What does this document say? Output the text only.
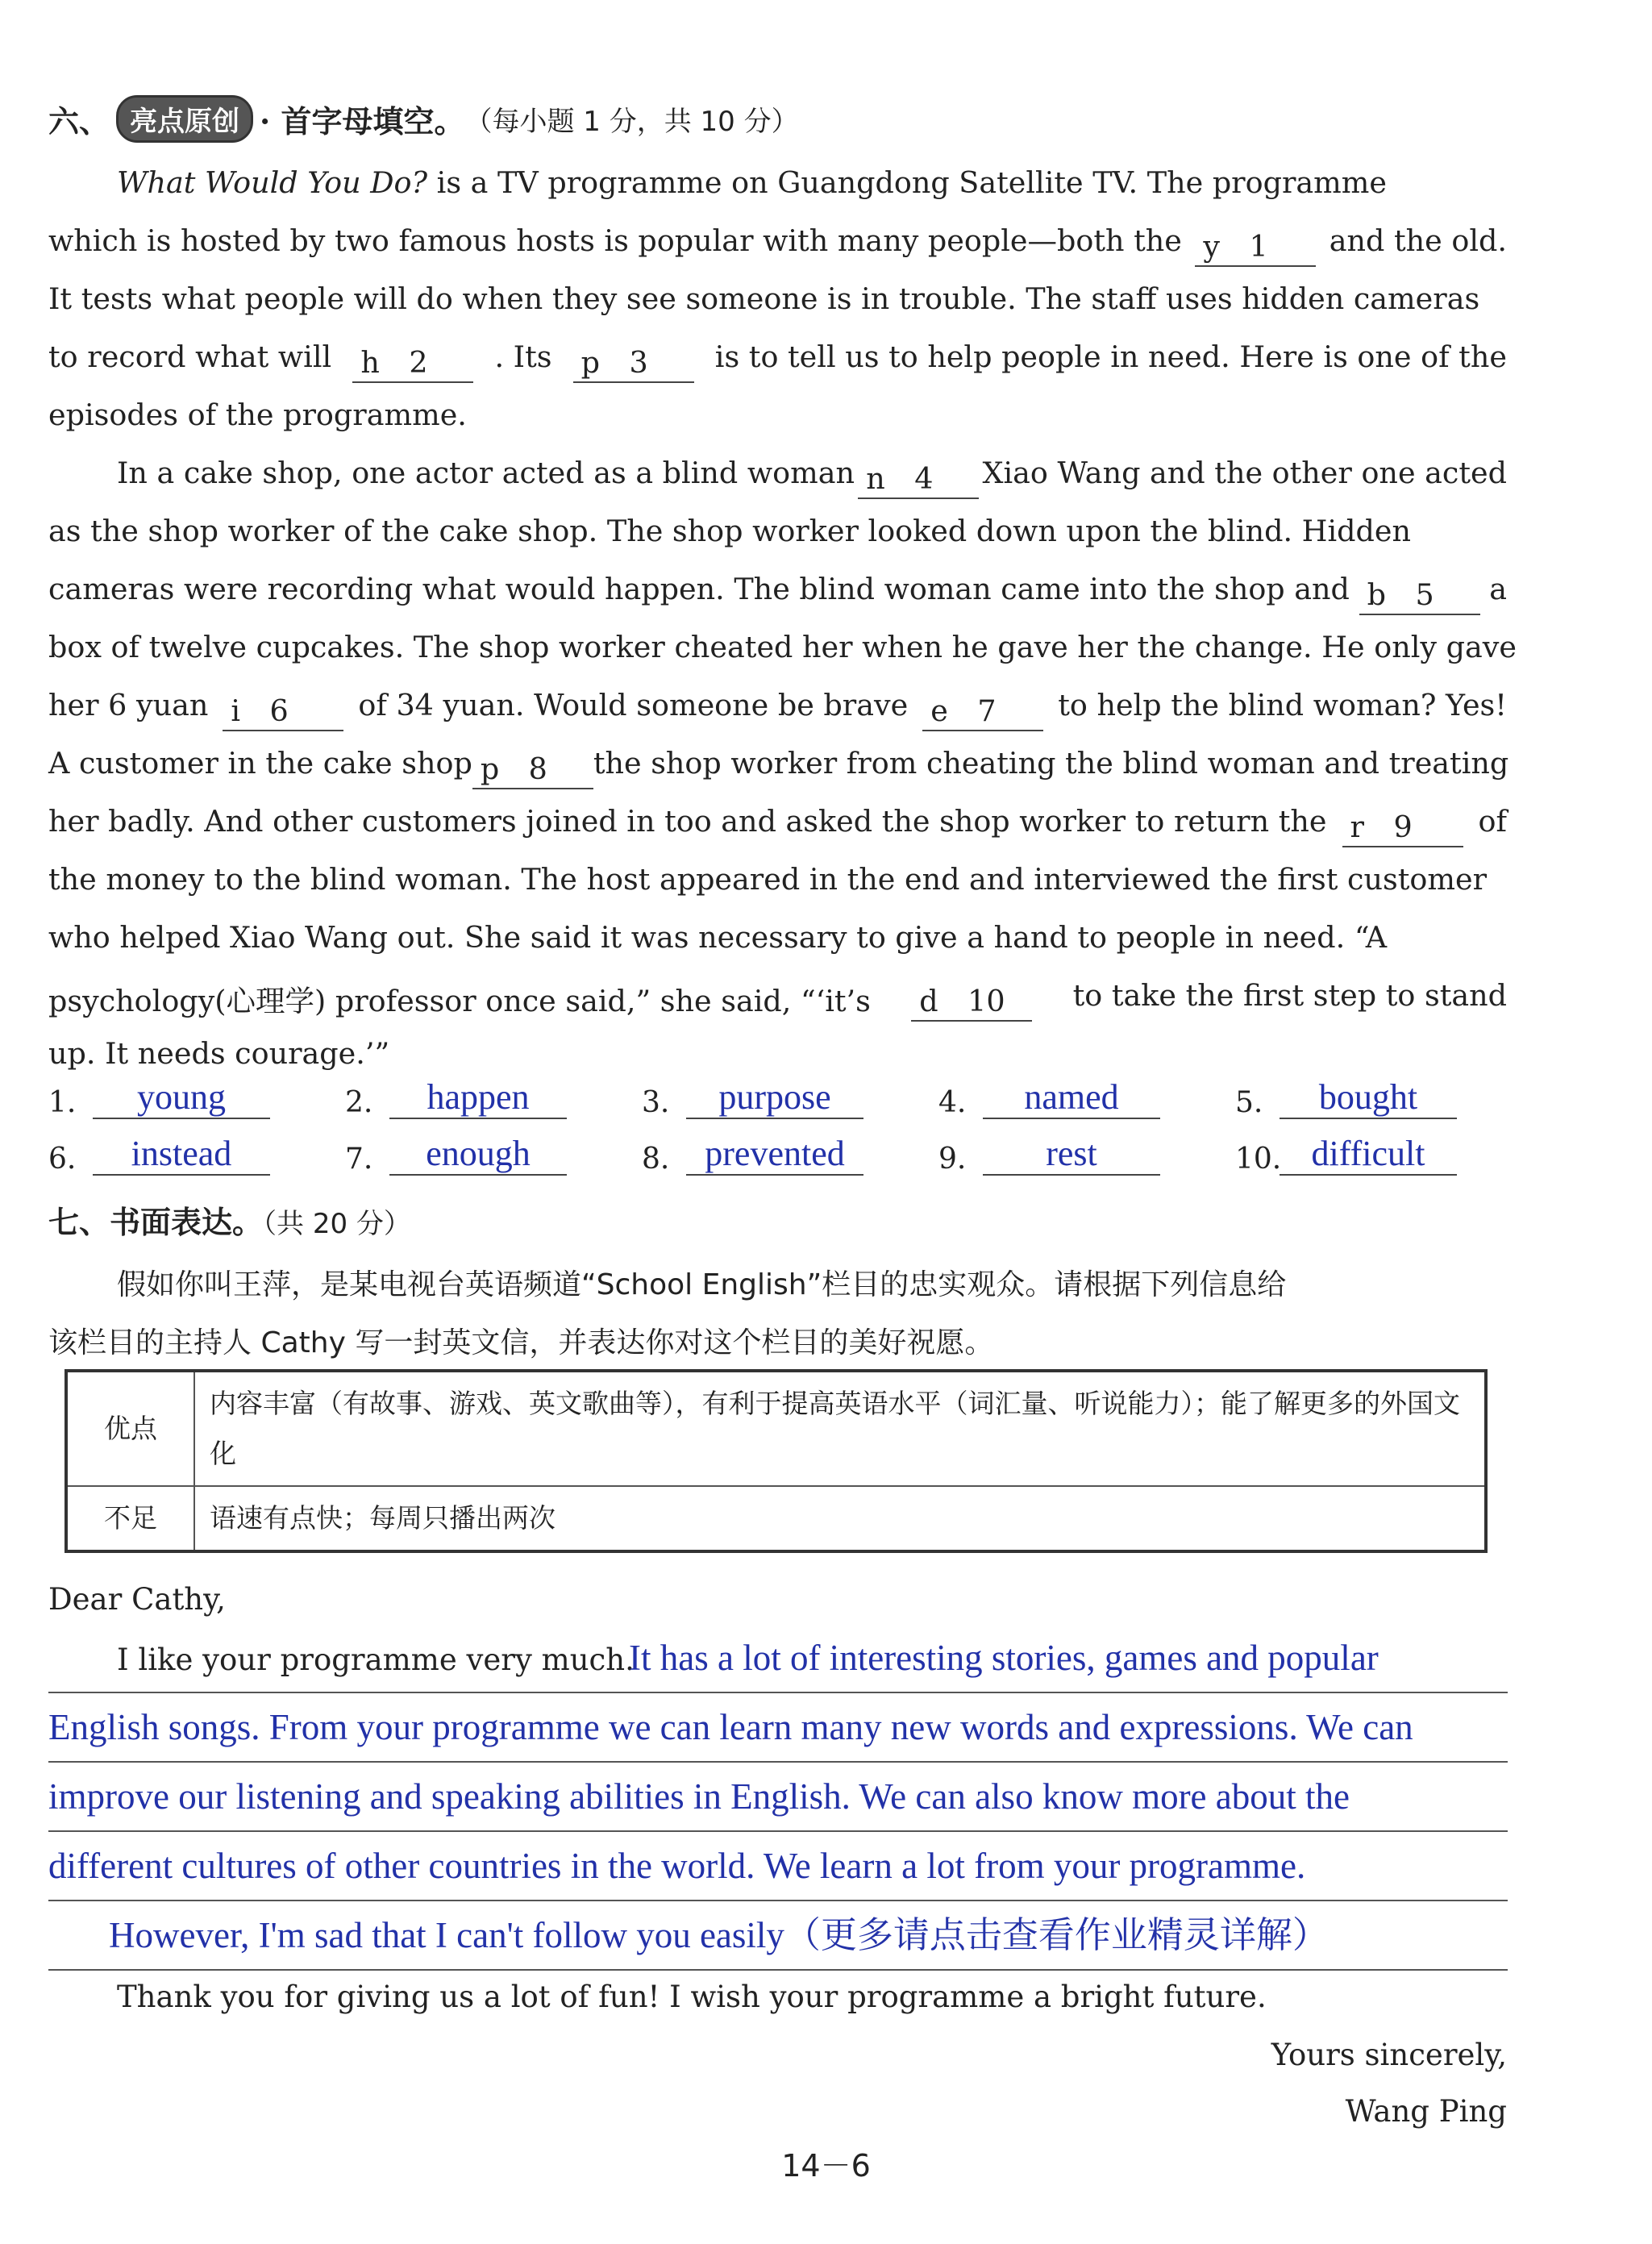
六、 亮点原创 · 首字母填空。 （每小题 1 分，共 10 分）
What Would You Do? is a TV programme on Guangdong Satellite TV. The programme
which is hosted by two famous hosts is popular with many people—both the y　1	and the old.
It tests what people will do when they see someone is in trouble. The staff uses hidden cameras
to record what will h　2	. Its p　3	is to tell us to help people in need. Here is one of the
episodes of the programme.
In a cake shop, one actor acted as a blind woman n　4	Xiao Wang and the other one acted
as the shop worker of the cake shop. The shop worker looked down upon the blind. Hidden
cameras were recording what would happen. The blind woman came into the shop and b　5	a
box of twelve cupcakes. The shop worker cheated her when he gave her the change. He only gave
her 6 yuan i　6	of 34 yuan. Would someone be brave e　7	to help the blind woman? Yes!
A customer in the cake shop p　8	the shop worker from cheating the blind woman and treating
her badly. And other customers joined in too and asked the shop worker to return the r　9	of
the money to the blind woman. The host appeared in the end and interviewed the first customer
who helped Xiao Wang out. She said it was necessary to give a hand to people in need. “A
psychology(心理学) professor once said,” she said, “‘it’s d　10	to take the first step to stand
up. It needs courage.’”
1.	young	2.	happen	3.	purpose	4.	named	5.	bought
6.	instead	7.	enough	8. prevented	9.	rest	10. difficult
七、书面表达。（共 20 分）
假如你叫王萍，是某电视台英语频道“School English”栏目的忠实观众。请根据下列信息给
该栏目的主持人 Cathy 写一封英文信，并表达你对这个栏目的美好祝愿。
优点	内容丰富（有故事、游戏、英文歌曲等），有利于提高英语水平（词汇量、听说能力）；能了解更多的外国文化
不足	语速有点快；每周只播出两次
Dear Cathy,
I like your programme very much.It has a lot of interesting stories, games and popular
English songs. From your programme we can learn many new words and expressions. We can
improve our listening and speaking abilities in English. We can also know more about the
different cultures of other countries in the world. We learn a lot from your programme.
However, I'm sad that I can't follow you easily（更多请点击查看作业精灵详解）
Thank you for giving us a lot of fun! I wish your programme a bright future.
Yours sincerely,
Wang Ping
14－6
